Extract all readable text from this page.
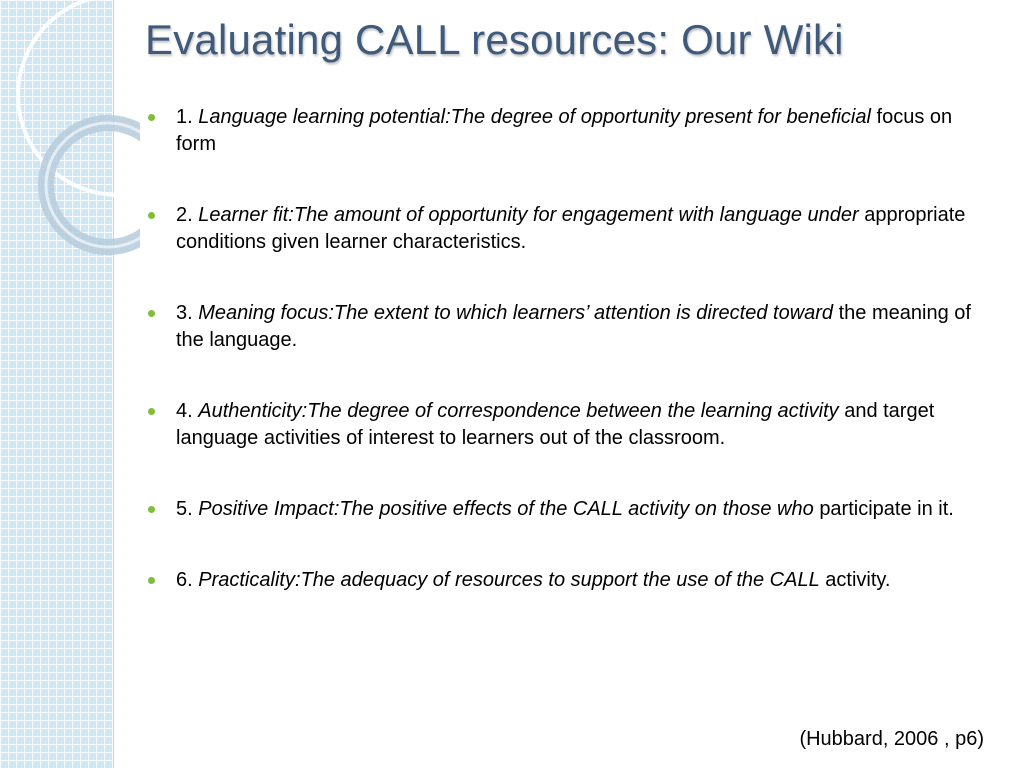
Evaluating CALL resources: Our Wiki
1. Language learning potential:The degree of opportunity present for beneficial focus on form
2. Learner fit:The amount of opportunity for engagement with language under appropriate conditions given learner characteristics.
3. Meaning focus:The extent to which learners’ attention is directed toward the meaning of the language.
4. Authenticity:The degree of correspondence between the learning activity and target language activities of interest to learners out of the classroom.
5. Positive Impact:The positive effects of the CALL activity on those who participate in it.
6. Practicality:The adequacy of resources to support the use of the CALL activity.
(Hubbard, 2006 , p6)
